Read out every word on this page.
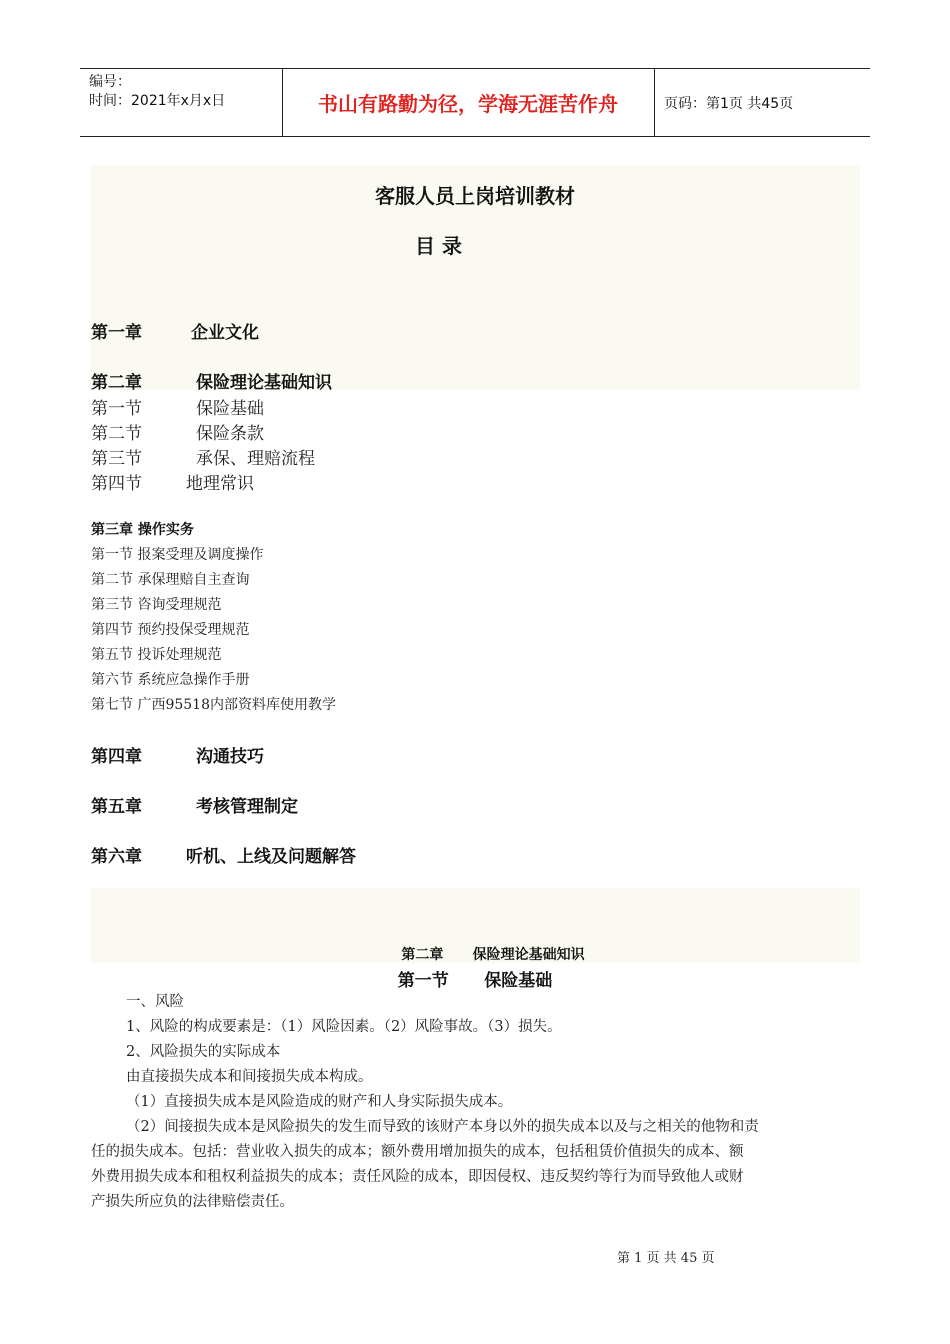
编号：
时间：2021年x月x日	书山有路勤为径，学海无涯苦作舟	页码：第1页 共45页
客服人员上岗培训教材
目 录
第一章	企业文化
第二章	保险理论基础知识
第一节	保险基础
第二节	保险条款
第三节	承保、理赔流程
第四节	地理常识
第三章 操作实务
第一节 报案受理及调度操作
第二节 承保理赔自主查询
第三节 咨询受理规范
第四节 预约投保受理规范
第五节 投诉处理规范
第六节 系统应急操作手册
第七节 广西95518内部资料库使用教学
第四章	沟通技巧
第五章	考核管理制定
第六章	听机、上线及问题解答
第二章      保险理论基础知识
第一节      保险基础
一、风险
1、风险的构成要素是：（1）风险因素。（2）风险事故。（3）损失。
2、风险损失的实际成本
由直接损失成本和间接损失成本构成。
（1）直接损失成本是风险造成的财产和人身实际损失成本。
（2）间接损失成本是风险损失的发生而导致的该财产本身以外的损失成本以及与之相关的他物和责
任的损失成本。包括：营业收入损失的成本；额外费用增加损失的成本，包括租赁价值损失的成本、额
外费用损失成本和租权利益损失的成本；责任风险的成本，即因侵权、违反契约等行为而导致他人或财
产损失所应负的法律赔偿责任。
第 1 页 共 45 页
